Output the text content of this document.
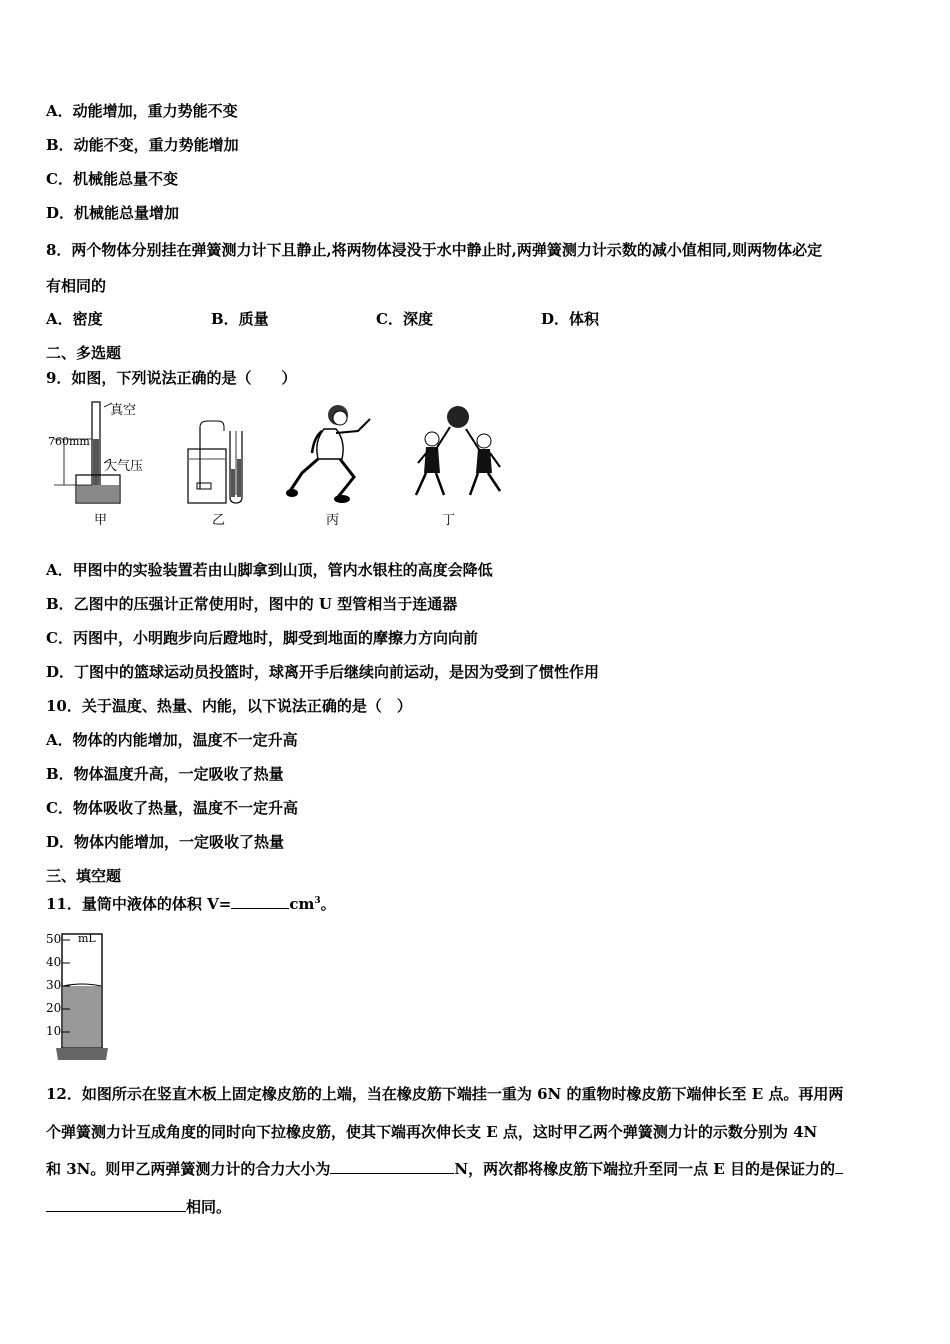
A．动能增加，重力势能不变
B．动能不变，重力势能增加
C．机械能总量不变
D．机械能总量增加
8．两个物体分别挂在弹簧测力计下且静止,将两物体浸没于水中静止时,两弹簧测力计示数的减小值相同,则两物体必定
有相同的
A．密度	B．质量	C．深度	D．体积
二、多选题
9．如图，下列说法正确的是（　　）
真空
760mm
大气压
甲	乙	丙	丁
A．甲图中的实验装置若由山脚拿到山顶，管内水银柱的高度会降低
B．乙图中的压强计正常使用时，图中的 U 型管相当于连通器
C．丙图中，小明跑步向后蹬地时，脚受到地面的摩擦力方向向前
D．丁图中的篮球运动员投篮时，球离开手后继续向前运动，是因为受到了惯性作用
10．关于温度、热量、内能，以下说法正确的是（　）
A．物体的内能增加，温度不一定升高
B．物体温度升高，一定吸收了热量
C．物体吸收了热量，温度不一定升高
D．物体内能增加，一定吸收了热量
三、填空题
11．量筒中液体的体积 V=	$cm^3$。
50
40
30
20
10
mL
12．如图所示在竖直木板上固定橡皮筋的上端，当在橡皮筋下端挂一重为 6N 的重物时橡皮筋下端伸长至 E 点。再用两
个弹簧测力计互成角度的同时向下拉橡皮筋，使其下端再次伸长支 E 点，这时甲乙两个弹簧测力计的示数分别为 4N
和 3N。则甲乙两弹簧测力计的合力大小为	N，两次都将橡皮筋下端拉升至同一点 E 目的是保证力的
相同。
